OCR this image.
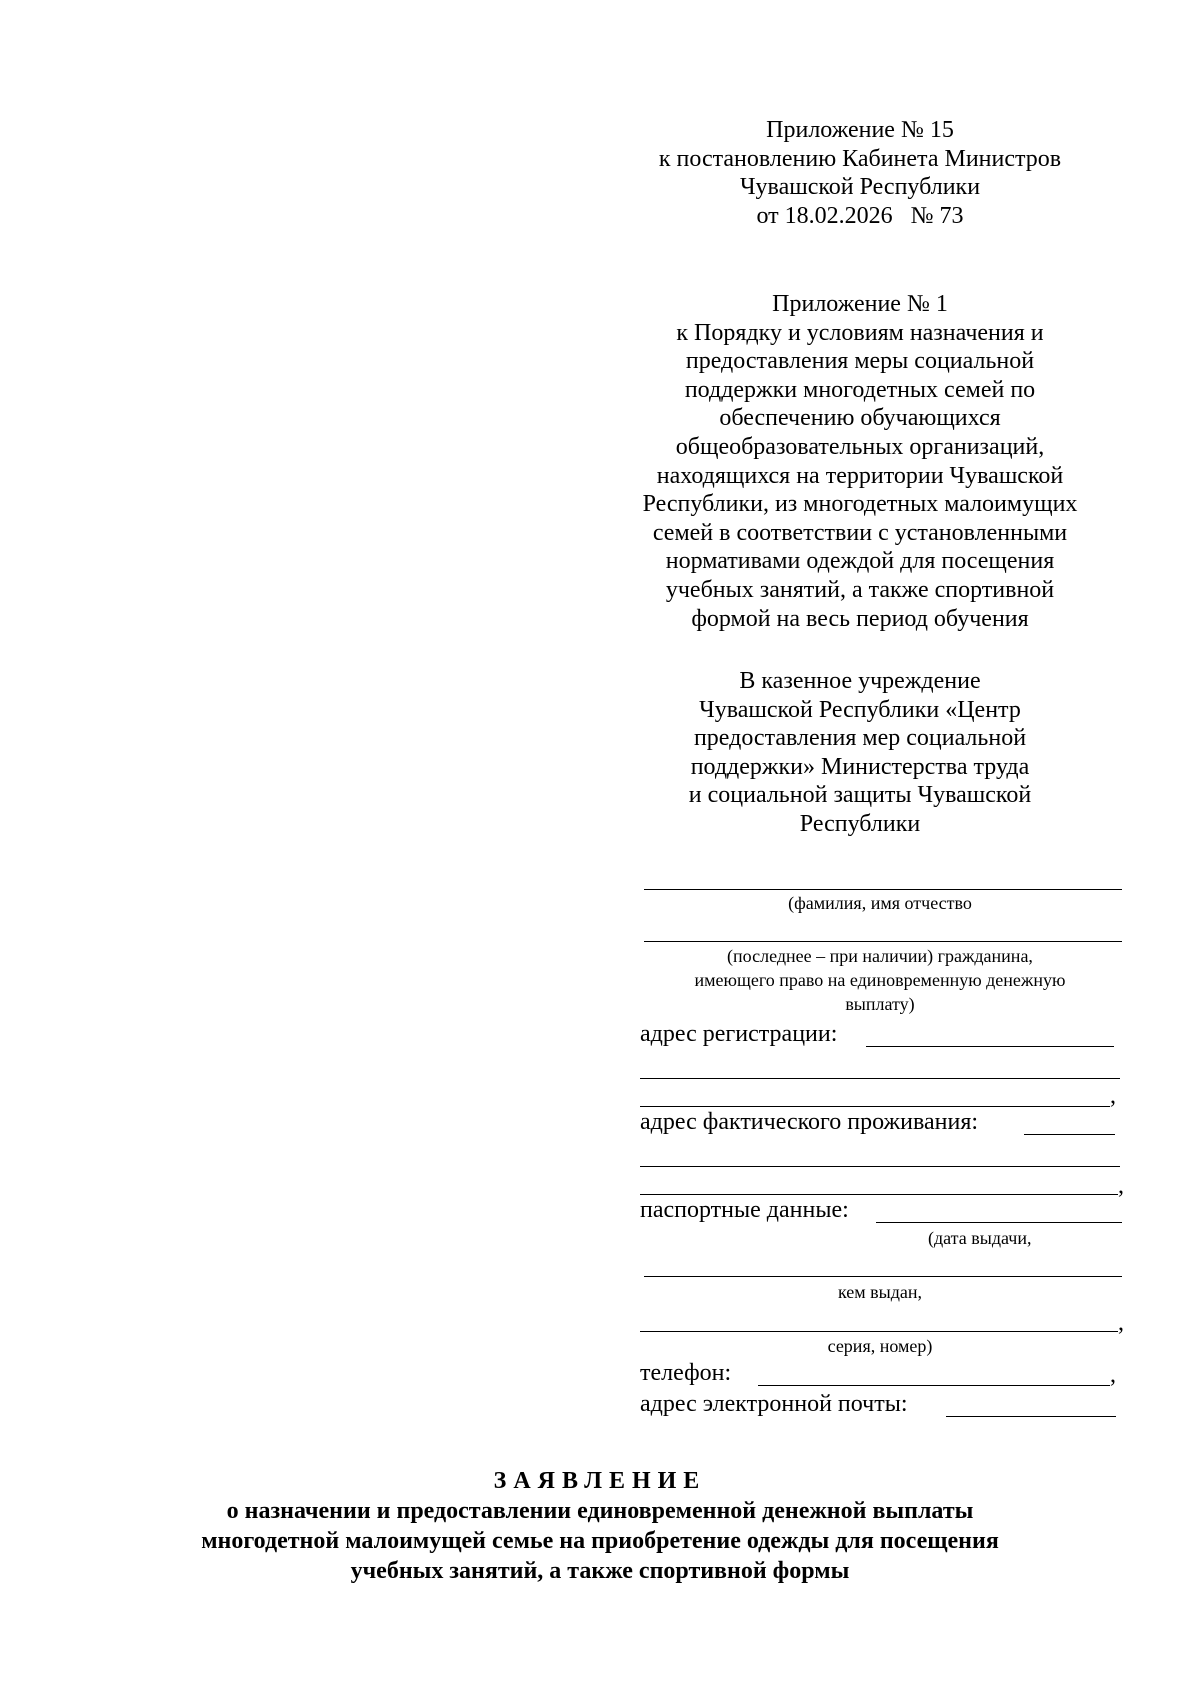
Приложение № 15
к постановлению Кабинета Министров
Чувашской Республики
от 18.02.2026   № 73
Приложение № 1
к Порядку и условиям назначения и
предоставления меры социальной
поддержки многодетных семей по
обеспечению обучающихся
общеобразовательных организаций,
находящихся на территории Чувашской
Республики, из многодетных малоимущих
семей в соответствии с установленными
нормативами одеждой для посещения
учебных занятий, а также спортивной
формой на весь период обучения
В казенное учреждение
Чувашской Республики «Центр
предоставления мер социальной
поддержки» Министерства труда
и социальной защиты Чувашской
Республики
(фамилия, имя отчество
(последнее – при наличии) гражданина,
имеющего право на единовременную денежную
выплату)
адрес регистрации:
,
адрес фактического проживания:
,
паспортные данные:
(дата выдачи,
кем выдан,
,
серия, номер)
телефон:	,
адрес электронной почты:
ЗАЯВЛЕНИЕ
о назначении и предоставлении единовременной денежной выплаты
многодетной малоимущей семье на приобретение одежды для посещения
учебных занятий, а также спортивной формы
